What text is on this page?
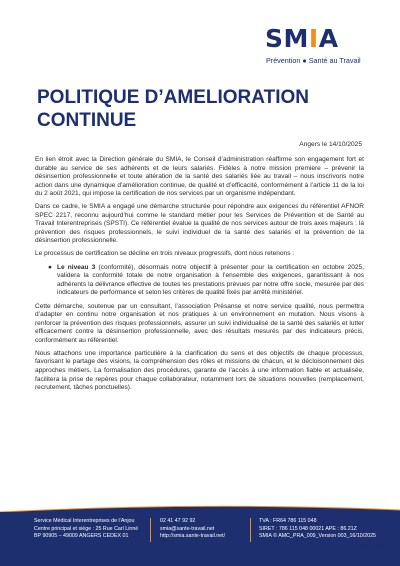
SMIA
Prévention ● Santé au Travail
POLITIQUE D’AMELIORATION CONTINUE
Angers le 14/10/2025

En lien étroit avec la Direction générale du SMIA, le Conseil d’administration réaffirme son engagement fort et durable au service de ses adhérents et de leurs salariés. Fidèles à notre mission première – prévenir la désinsertion professionnelle et toute altération de la santé des salariés liée au travail – nous inscrivons notre action dans une dynamique d’amélioration continue, de qualité et d’efficacité, conformément à l’article 11 de la loi du 2 août 2021, qui impose la certification de nos services par un organisme indépendant.

Dans ce cadre, le SMIA a engagé une démarche structurée pour répondre aux exigences du référentiel AFNOR SPEC 2217, reconnu aujourd’hui comme le standard métier pour les Services de Prévention et de Santé au Travail Interentreprises (SPSTI). Ce référentiel évalue la qualité de nos services autour de trois axes majeurs : la prévention des risques professionnels, le suivi individuel de la santé des salariés et la prévention de la désinsertion professionnelle.

Le processus de certification se décline en trois niveaux progressifs, dont nous retenons :

● Le niveau 3 (conformité), désormais notre objectif à présenter pour la certification en octobre 2025, validera la conformité totale de notre organisation à l’ensemble des exigences, garantissant à nos adhérents la délivrance effective de toutes les prestations prévues par notre offre socle, mesurée par des indicateurs de performance et selon les critères de qualité fixés par arrêté ministériel.

Cette démarche, soutenue par un consultant, l’association Présanse et notre service qualité, nous permettra d’adapter en continu notre organisation et nos pratiques à un environnement en mutation. Nous visons à renforcer la prévention des risques professionnels, assurer un suivi individualisé de la santé des salariés et lutter efficacement contre la désinsertion professionnelle, avec des résultats mesurés par des indicateurs précis, conformément au référentiel.

Nous attachons une importance particulière à la clarification du sens et des objectifs de chaque processus, favorisant le partage des visions, la compréhension des rôles et missions de chacun, et le décloisonnement des approches métiers. La formalisation des procédures, garante de l’accès à une information fiable et actualisée, facilitera la prise de repères pour chaque collaborateur, notamment lors de situations nouvelles (remplacement, recrutement, tâches ponctuelles).

Service Médical Interentreprises de l’Anjou
Centre principal et siège : 25 Rue Carl Linné
BP 90905 – 49009 ANGERS CEDEX 01
02 41 47 92 92
smia@sante-travail.net
http://smia.sante-travail.net/
TVA : FR64 786 115 048
SIRET : 786 115 048 00021 APE : 86.21Z
SMIA © AMC_PRA_009_Version 003_16/10/2025
Page 1 sur 2
